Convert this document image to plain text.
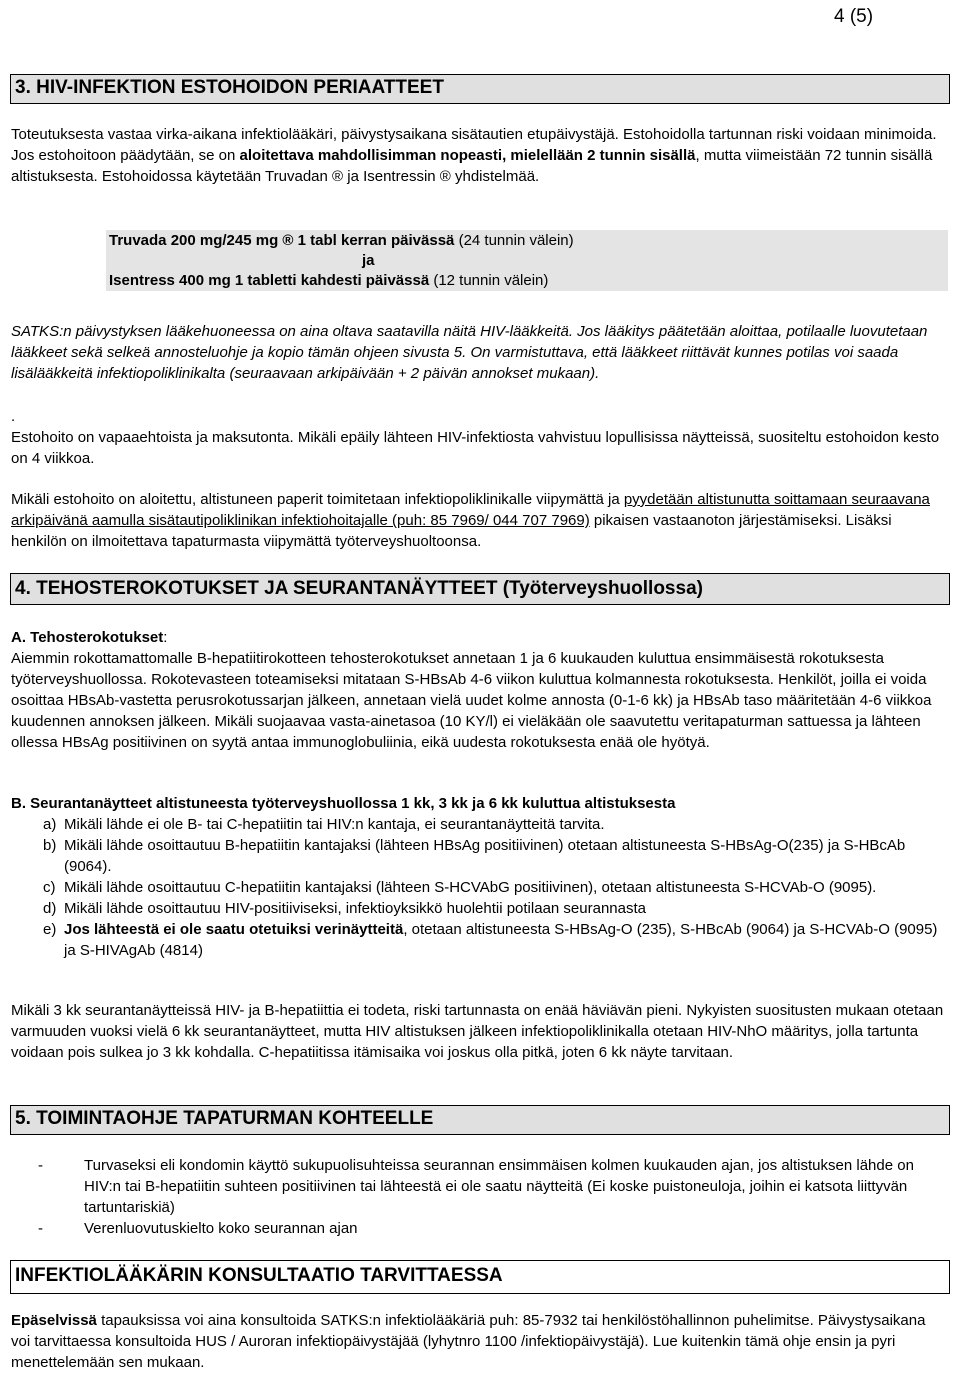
4 (5)
3. HIV-INFEKTION ESTOHOIDON PERIAATTEET
Toteutuksesta vastaa virka-aikana infektiolääkäri, päivystysaikana sisätautien etupäivystäjä. Estohoidolla tartunnan riski voidaan minimoida. Jos estohoitoon päädytään, se on aloitettava mahdollisimman nopeasti, mielellään 2 tunnin sisällä, mutta viimeistään 72 tunnin sisällä altistuksesta. Estohoidossa käytetään Truvadan ® ja Isentressin ® yhdistelmää.
Truvada 200 mg/245 mg ® 1 tabl kerran päivässä (24 tunnin välein)
ja
Isentress 400 mg 1 tabletti kahdesti päivässä (12 tunnin välein)
SATKS:n päivystyksen lääkehuoneessa on aina oltava saatavilla näitä HIV-lääkkeitä. Jos lääkitys päätetään aloittaa, potilaalle luovutetaan lääkkeet sekä selkeä annosteluohje ja kopio tämän ohjeen sivusta 5. On varmistuttava, että lääkkeet riittävät kunnes potilas voi saada lisälääkkeitä infektiopoliklinikalta (seuraavaan arkipäivään + 2 päivän annokset mukaan).
.
Estohoito on vapaaehtoista ja maksutonta. Mikäli epäily lähteen HIV-infektiosta vahvistuu lopullisissa näytteissä, suositeltu estohoidon kesto on 4 viikkoa.
Mikäli estohoito on aloitettu, altistuneen paperit toimitetaan infektiopoliklinikalle viipymättä ja pyydetään altistunutta soittamaan seuraavana arkipäivänä aamulla sisätautipoliklinikan infektiohoitajalle (puh: 85 7969/ 044 707 7969) pikaisen vastaanoton järjestämiseksi. Lisäksi henkilön on ilmoitettava tapaturmasta viipymättä työterveyshuoltoonsa.
4. TEHOSTEROKOTUKSET JA SEURANTANÄYTTEET (Työterveyshuollossa)
A. Tehosterokotukset:
Aiemmin rokottamattomalle B-hepatiitirokotteen tehosterokotukset annetaan 1 ja 6 kuukauden kuluttua ensimmäisestä rokotuksesta työterveyshuollossa. Rokotevasteen toteamiseksi mitataan S-HBsAb 4-6 viikon kuluttua kolmannesta rokotuksesta. Henkilöt, joilla ei voida osoittaa HBsAb-vastetta perusrokotussarjan jälkeen, annetaan vielä uudet kolme annosta (0-1-6 kk) ja HBsAb taso määritetään 4-6 viikkoa kuudennen annoksen jälkeen. Mikäli suojaavaa vasta-ainetasoa (10 KY/l) ei vieläkään ole saavutettu veritapaturman sattuessa ja lähteen ollessa HBsAg positiivinen on syytä antaa immunoglobuliinia, eikä uudesta rokotuksesta enää ole hyötyä.
B. Seurantanäytteet altistuneesta työterveyshuollossa 1 kk, 3 kk ja 6 kk kuluttua altistuksesta
a) Mikäli lähde ei ole B- tai C-hepatiitin tai HIV:n kantaja, ei seurantanäytteitä tarvita.
b) Mikäli lähde osoittautuu B-hepatiitin kantajaksi (lähteen HBsAg positiivinen) otetaan altistuneesta S-HBsAg-O(235) ja S-HBcAb (9064).
c) Mikäli lähde osoittautuu C-hepatiitin kantajaksi (lähteen S-HCVAbG positiivinen), otetaan altistuneesta S-HCVAb-O (9095).
d) Mikäli lähde osoittautuu HIV-positiiviseksi, infektioyksikkö huolehtii potilaan seurannasta
e) Jos lähteestä ei ole saatu otetuiksi verinäytteitä, otetaan altistuneesta S-HBsAg-O (235), S-HBcAb (9064) ja S-HCVAb-O (9095) ja S-HIVAgAb (4814)
Mikäli 3 kk seurantanäytteissä HIV- ja B-hepatiittia ei todeta, riski tartunnasta on enää häviävän pieni. Nykyisten suositusten mukaan otetaan varmuuden vuoksi vielä 6 kk seurantanäytteet, mutta HIV altistuksen jälkeen infektiopoliklinikalla otetaan HIV-NhO määritys, jolla tartunta voidaan pois sulkea jo 3 kk kohdalla. C-hepatiitissa itämisaika voi joskus olla pitkä, joten 6 kk näyte tarvitaan.
5. TOIMINTAOHJE TAPATURMAN KOHTEELLE
-	Turvaseksi eli kondomin käyttö sukupuolisuhteissa seurannan ensimmäisen kolmen kuukauden ajan, jos altistuksen lähde on HIV:n tai B-hepatiitin suhteen positiivinen tai lähteestä ei ole saatu näytteitä (Ei koske puistoneuloja, joihin ei katsota liittyvän tartuntariskiä)
-	Verenluovutuskielto koko seurannan ajan
INFEKTIOLÄÄKÄRIN KONSULTAATIO TARVITTAESSA
Epäselvissä tapauksissa voi aina konsultoida SATKS:n infektiolääkäriä puh: 85-7932 tai henkilöstöhallinnon puhelimitse. Päivystysaikana voi tarvittaessa konsultoida HUS / Auroran infektiopäivystäjää (lyhytnro 1100 /infektiopäivystäjä). Lue kuitenkin tämä ohje ensin ja pyri menettelemään sen mukaan.
